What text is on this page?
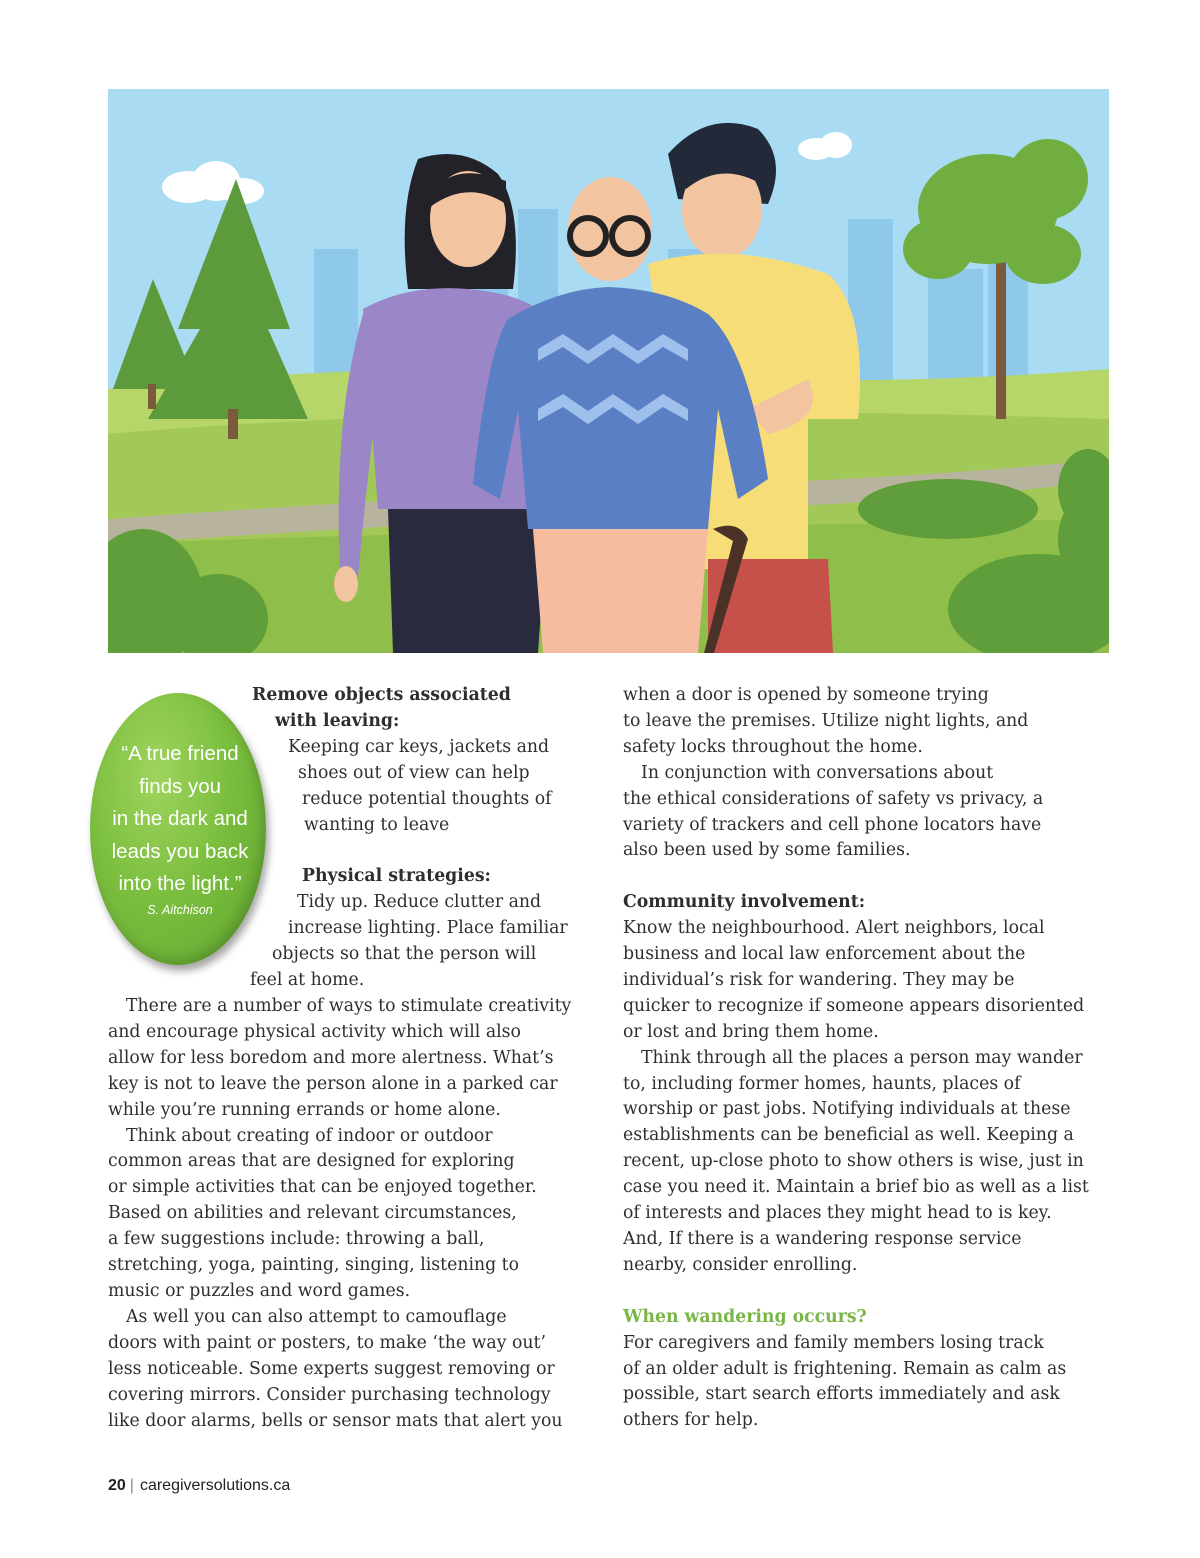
“A true friend
finds you
in the dark and
leads you back
into the light.”
S. Aitchison
Remove objects associated
with leaving:
Keeping car keys, jackets and
shoes out of view can help
reduce potential thoughts of
wanting to leave

Physical strategies:
Tidy up. Reduce clutter and
increase lighting. Place familiar
objects so that the person will
feel at home.

There are a number of ways to stimulate creativity

and encourage physical activity which will also

allow for less boredom and more alertness. What’s

key is not to leave the person alone in a parked car

while you’re running errands or home alone.

Think about creating of indoor or outdoor

common areas that are designed for exploring

or simple activities that can be enjoyed together.

Based on abilities and relevant circumstances,

a few suggestions include: throwing a ball,

stretching, yoga, painting, singing, listening to

music or puzzles and word games.

As well you can also attempt to camouflage

doors with paint or posters, to make ‘the way out’

less noticeable. Some experts suggest removing or

covering mirrors. Consider purchasing technology

like door alarms, bells or sensor mats that alert you

when a door is opened by someone trying

to leave the premises. Utilize night lights, and

safety locks throughout the home.

In conjunction with conversations about

the ethical considerations of safety vs privacy, a

variety of trackers and cell phone locators have

also been used by some families.

Community involvement:

Know the neighbourhood. Alert neighbors, local

business and local law enforcement about the

individual’s risk for wandering. They may be

quicker to recognize if someone appears disoriented

or lost and bring them home.

Think through all the places a person may wander

to, including former homes, haunts, places of

worship or past jobs. Notifying individuals at these

establishments can be beneficial as well. Keeping a

recent, up-close photo to show others is wise, just in

case you need it. Maintain a brief bio as well as a list

of interests and places they might head to is key.

And, If there is a wandering response service

nearby, consider enrolling.

When wandering occurs?

For caregivers and family members losing track

of an older adult is frightening. Remain as calm as

possible, start search efforts immediately and ask

others for help.

20 | caregiversolutions.ca
